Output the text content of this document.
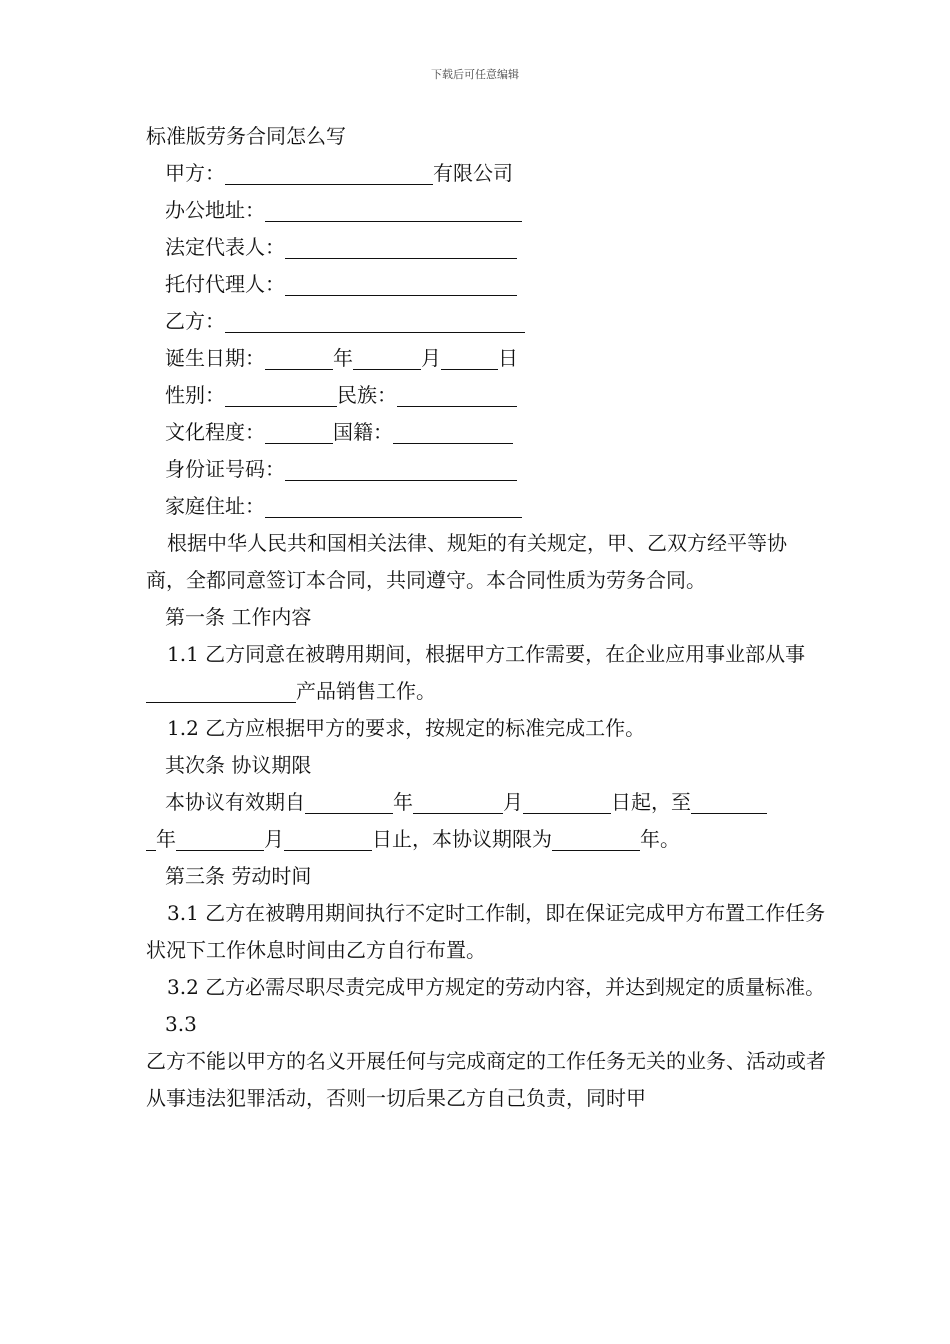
下载后可任意编辑
标准版劳务合同怎么写
甲方：	有限公司
办公地址：
法定代表人：
托付代理人：
乙方：
诞生日期：	年	月	日
性别：	民族：
文化程度：	国籍：
身份证号码：
家庭住址：

根据中华人民共和国相关法律、规矩的有关规定，甲、乙双方经平等协商，全都同意签订本合同，共同遵守。本合同性质为劳务合同。

第一条 工作内容

1.1 乙方同意在被聘用期间，根据甲方工作需要，在企业应用事业部从事产品销售工作。

1.2 乙方应根据甲方的要求，按规定的标准完成工作。

其次条 协议期限
本协议有效期自	年	月	日起，至
年	月	日止，本协议期限为	年。
第三条 劳动时间

3.1 乙方在被聘用期间执行不定时工作制，即在保证完成甲方布置工作任务状况下工作休息时间由乙方自行布置。

3.2 乙方必需尽职尽责完成甲方规定的劳动内容，并达到规定的质量标准。

3.3

乙方不能以甲方的名义开展任何与完成商定的工作任务无关的业务、活动或者从事违法犯罪活动，否则一切后果乙方自己负责，同时甲
